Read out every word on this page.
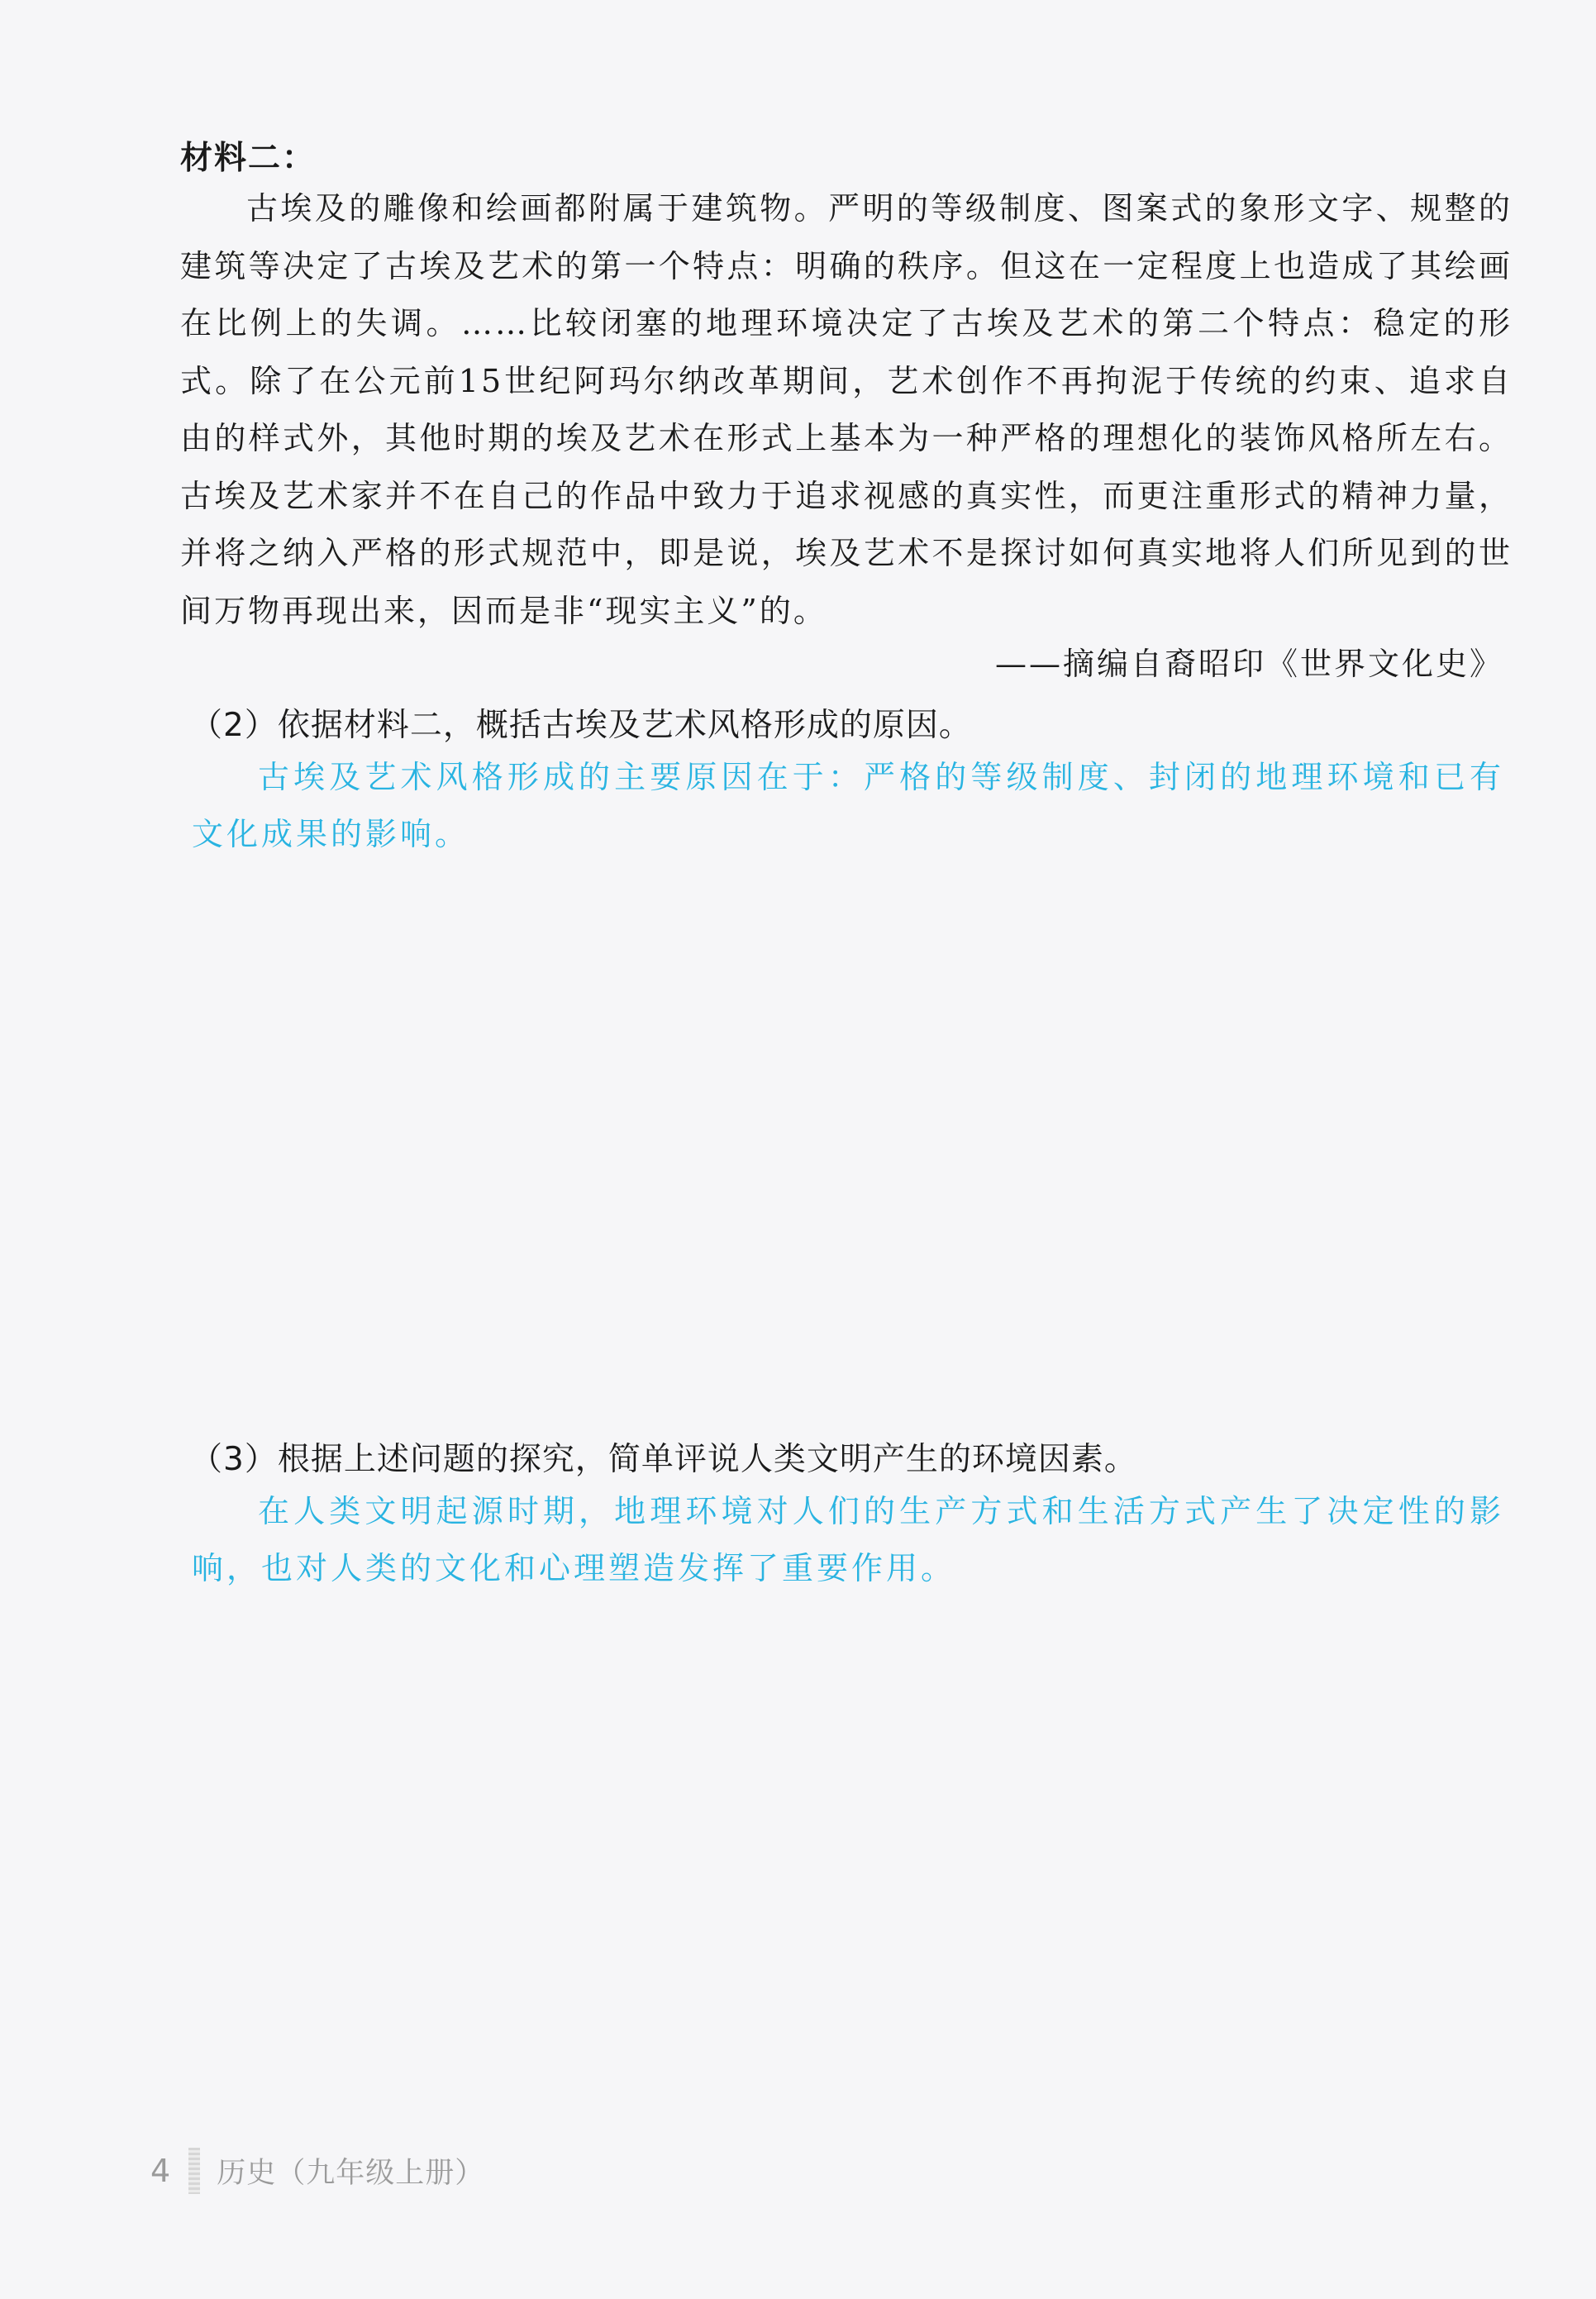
材料二：

古埃及的雕像和绘画都附属于建筑物。严明的等级制度、图案式的象形文字、规整的建筑等决定了古埃及艺术的第一个特点：明确的秩序。但这在一定程度上也造成了其绘画在比例上的失调。……比较闭塞的地理环境决定了古埃及艺术的第二个特点：稳定的形式。除了在公元前15世纪阿玛尔纳改革期间，艺术创作不再拘泥于传统的约束、追求自由的样式外，其他时期的埃及艺术在形式上基本为一种严格的理想化的装饰风格所左右。古埃及艺术家并不在自己的作品中致力于追求视感的真实性，而更注重形式的精神力量，并将之纳入严格的形式规范中，即是说，埃及艺术不是探讨如何真实地将人们所见到的世间万物再现出来，因而是非“现实主义”的。

——摘编自裔昭印《世界文化史》
（2）依据材料二，概括古埃及艺术风格形成的原因。

古埃及艺术风格形成的主要原因在于：严格的等级制度、封闭的地理环境和已有文化成果的影响。

（3）根据上述问题的探究，简单评说人类文明产生的环境因素。

在人类文明起源时期，地理环境对人们的生产方式和生活方式产生了决定性的影响，也对人类的文化和心理塑造发挥了重要作用。

4 历史（九年级上册）
